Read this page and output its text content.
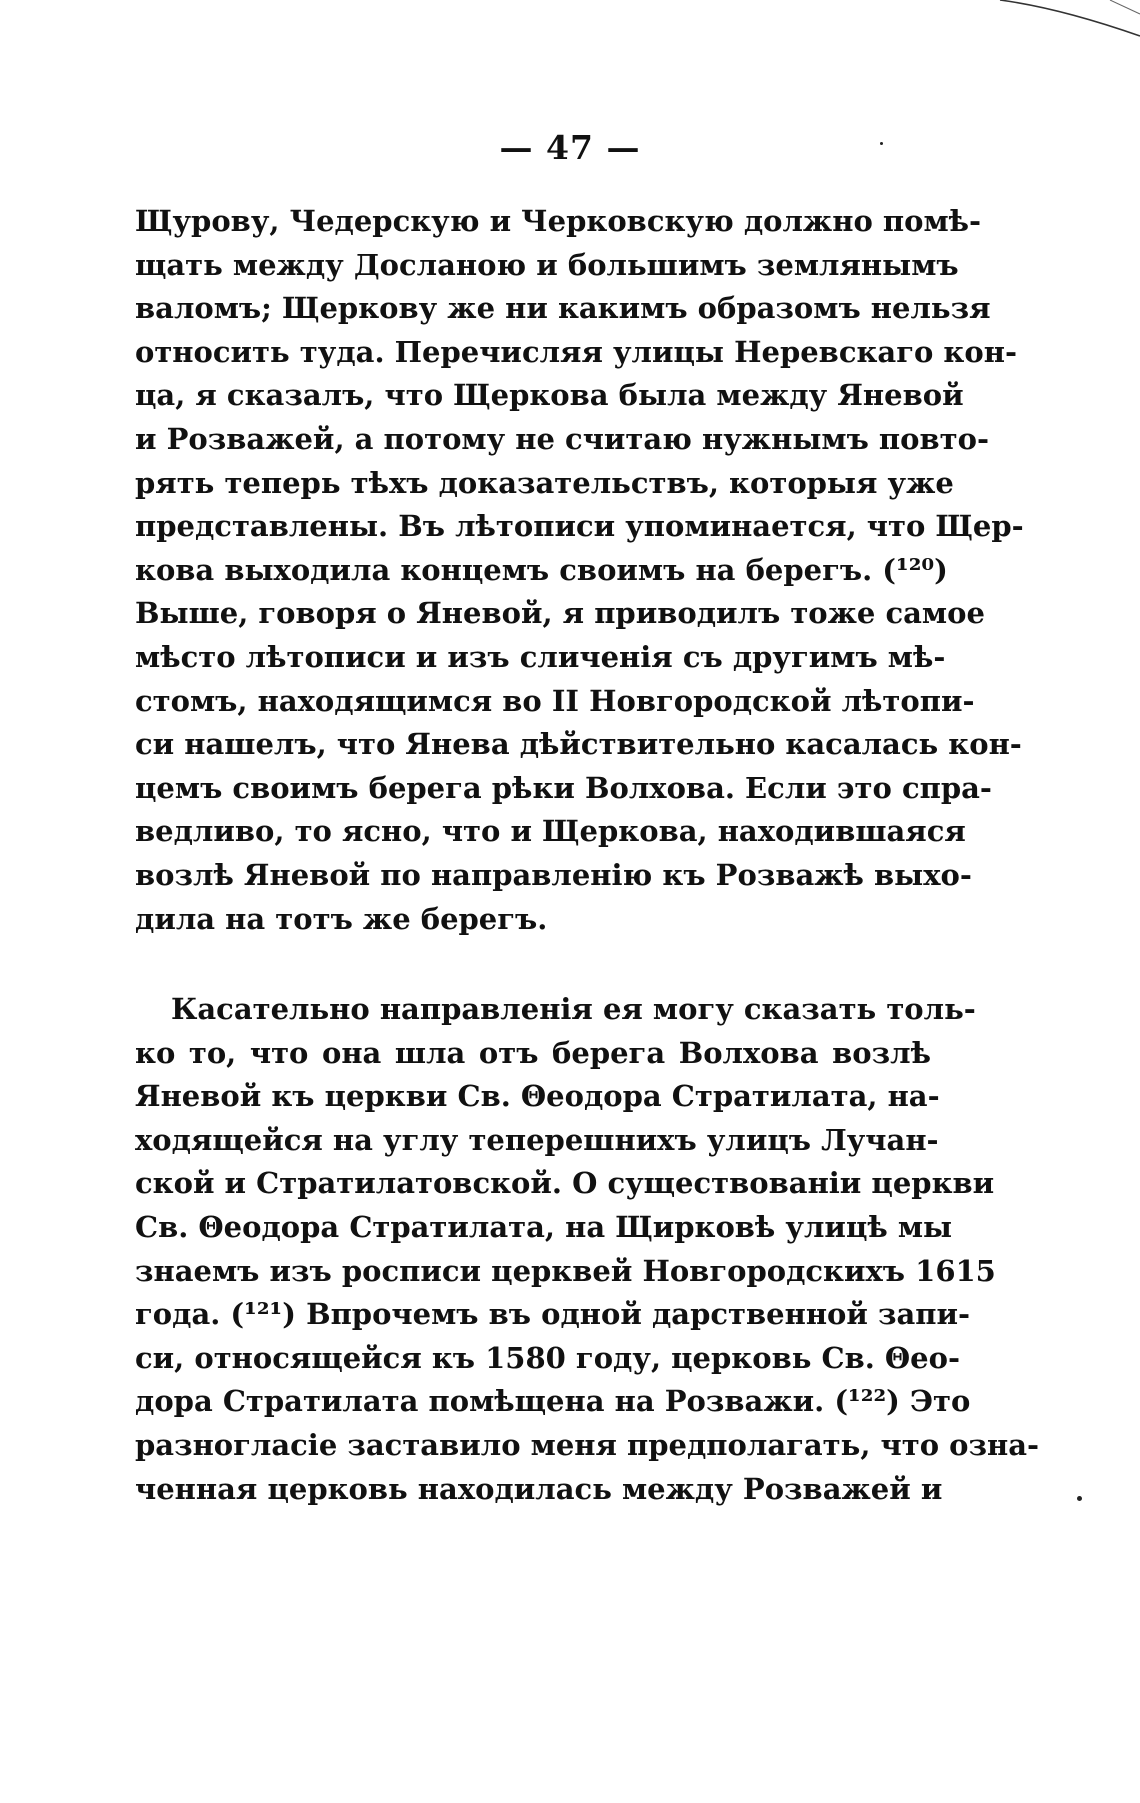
— 47 —
Щурову, Чедерскую и Черковскую должно помѣ-
щать между Досланою и большимъ землянымъ
валомъ; Щеркову же ни какимъ образомъ нельзя
относить туда. Перечисляя улицы Неревскаго кон-
ца, я сказалъ, что Щеркова была между Яневой
и Розважей, а потому не считаю нужнымъ повто-
рять теперь тѣхъ доказательствъ, которыя уже
представлены. Въ лѣтописи упоминается, что Щер-
кова выходила концемъ своимъ на берегъ. (¹²⁰)
Выше, говоря о Яневой, я приводилъ тоже самое
мѣсто лѣтописи и изъ сличенія съ другимъ мѣ-
стомъ, находящимся во II Новгородской лѣтопи-
си нашелъ, что Янева дѣйствительно касалась кон-
цемъ своимъ берега рѣки Волхова. Если это спра-
ведливо, то ясно, что и Щеркова, находившаяся
возлѣ Яневой по направленію къ Розважѣ выхо-
дила на тотъ же берегъ.
Касательно направленія ея могу сказать толь-
ко то, что она шла отъ берега Волхова возлѣ
Яневой къ церкви Св. Θеодора Стратилата, на-
ходящейся на углу теперешнихъ улицъ Лучан-
ской и Стратилатовской. О существованіи церкви
Св. Θеодора Стратилата, на Щирковѣ улицѣ мы
знаемъ изъ росписи церквей Новгородскихъ 1615
года. (¹²¹) Впрочемъ въ одной дарственной запи-
си, относящейся къ 1580 году, церковь Св. Θео-
дора Стратилата помѣщена на Розважи. (¹²²) Это
разногласіе заставило меня предполагать, что озна-
ченная церковь находилась между Розважей и
